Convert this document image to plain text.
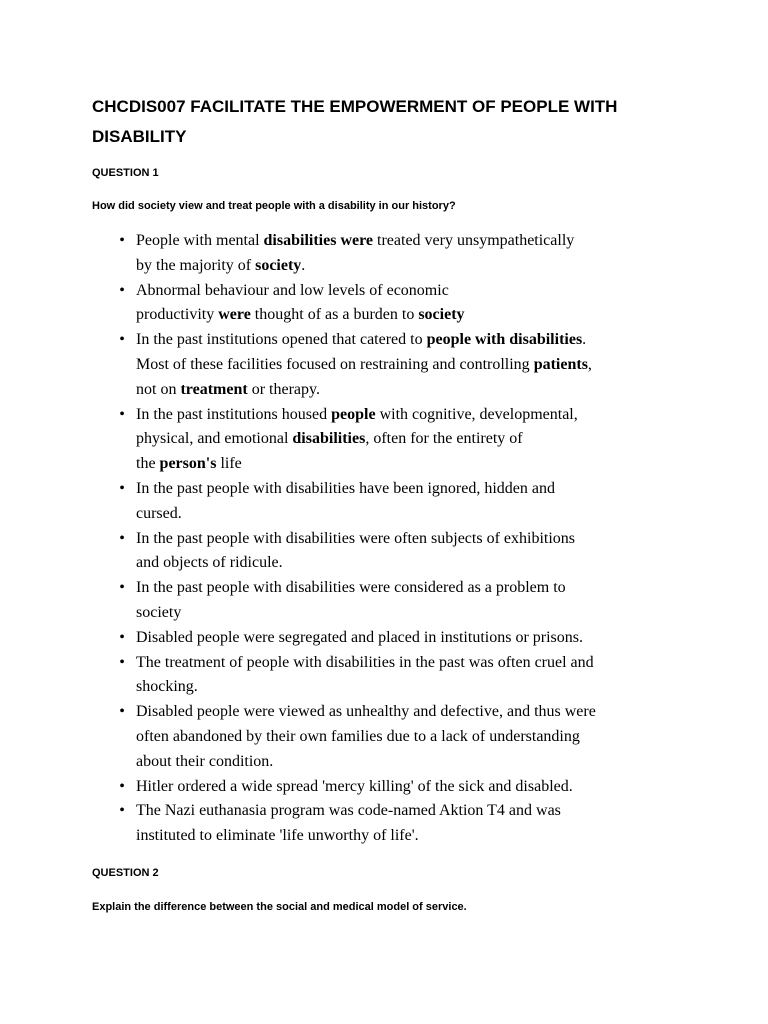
CHCDIS007 FACILITATE THE EMPOWERMENT OF PEOPLE WITH DISABILITY

QUESTION 1

How did society view and treat people with a disability in our history?

• People with mental disabilities were treated very unsympathetically
by the majority of society.
• Abnormal behaviour and low levels of economic
productivity were thought of as a burden to society
• In the past institutions opened that catered to people with disabilities.
Most of these facilities focused on restraining and controlling patients,
not on treatment or therapy.
• In the past institutions housed people with cognitive, developmental,
physical, and emotional disabilities, often for the entirety of
the person's life
• In the past people with disabilities have been ignored, hidden and
cursed.
• In the past people with disabilities were often subjects of exhibitions
and objects of ridicule.
• In the past people with disabilities were considered as a problem to
society
• Disabled people were segregated and placed in institutions or prisons.
• The treatment of people with disabilities in the past was often cruel and
shocking.
• Disabled people were viewed as unhealthy and defective, and thus were
often abandoned by their own families due to a lack of understanding
about their condition.
• Hitler ordered a wide spread 'mercy killing' of the sick and disabled.
• The Nazi euthanasia program was code-named Aktion T4 and was
instituted to eliminate 'life unworthy of life'.

QUESTION 2

Explain the difference between the social and medical model of service.
